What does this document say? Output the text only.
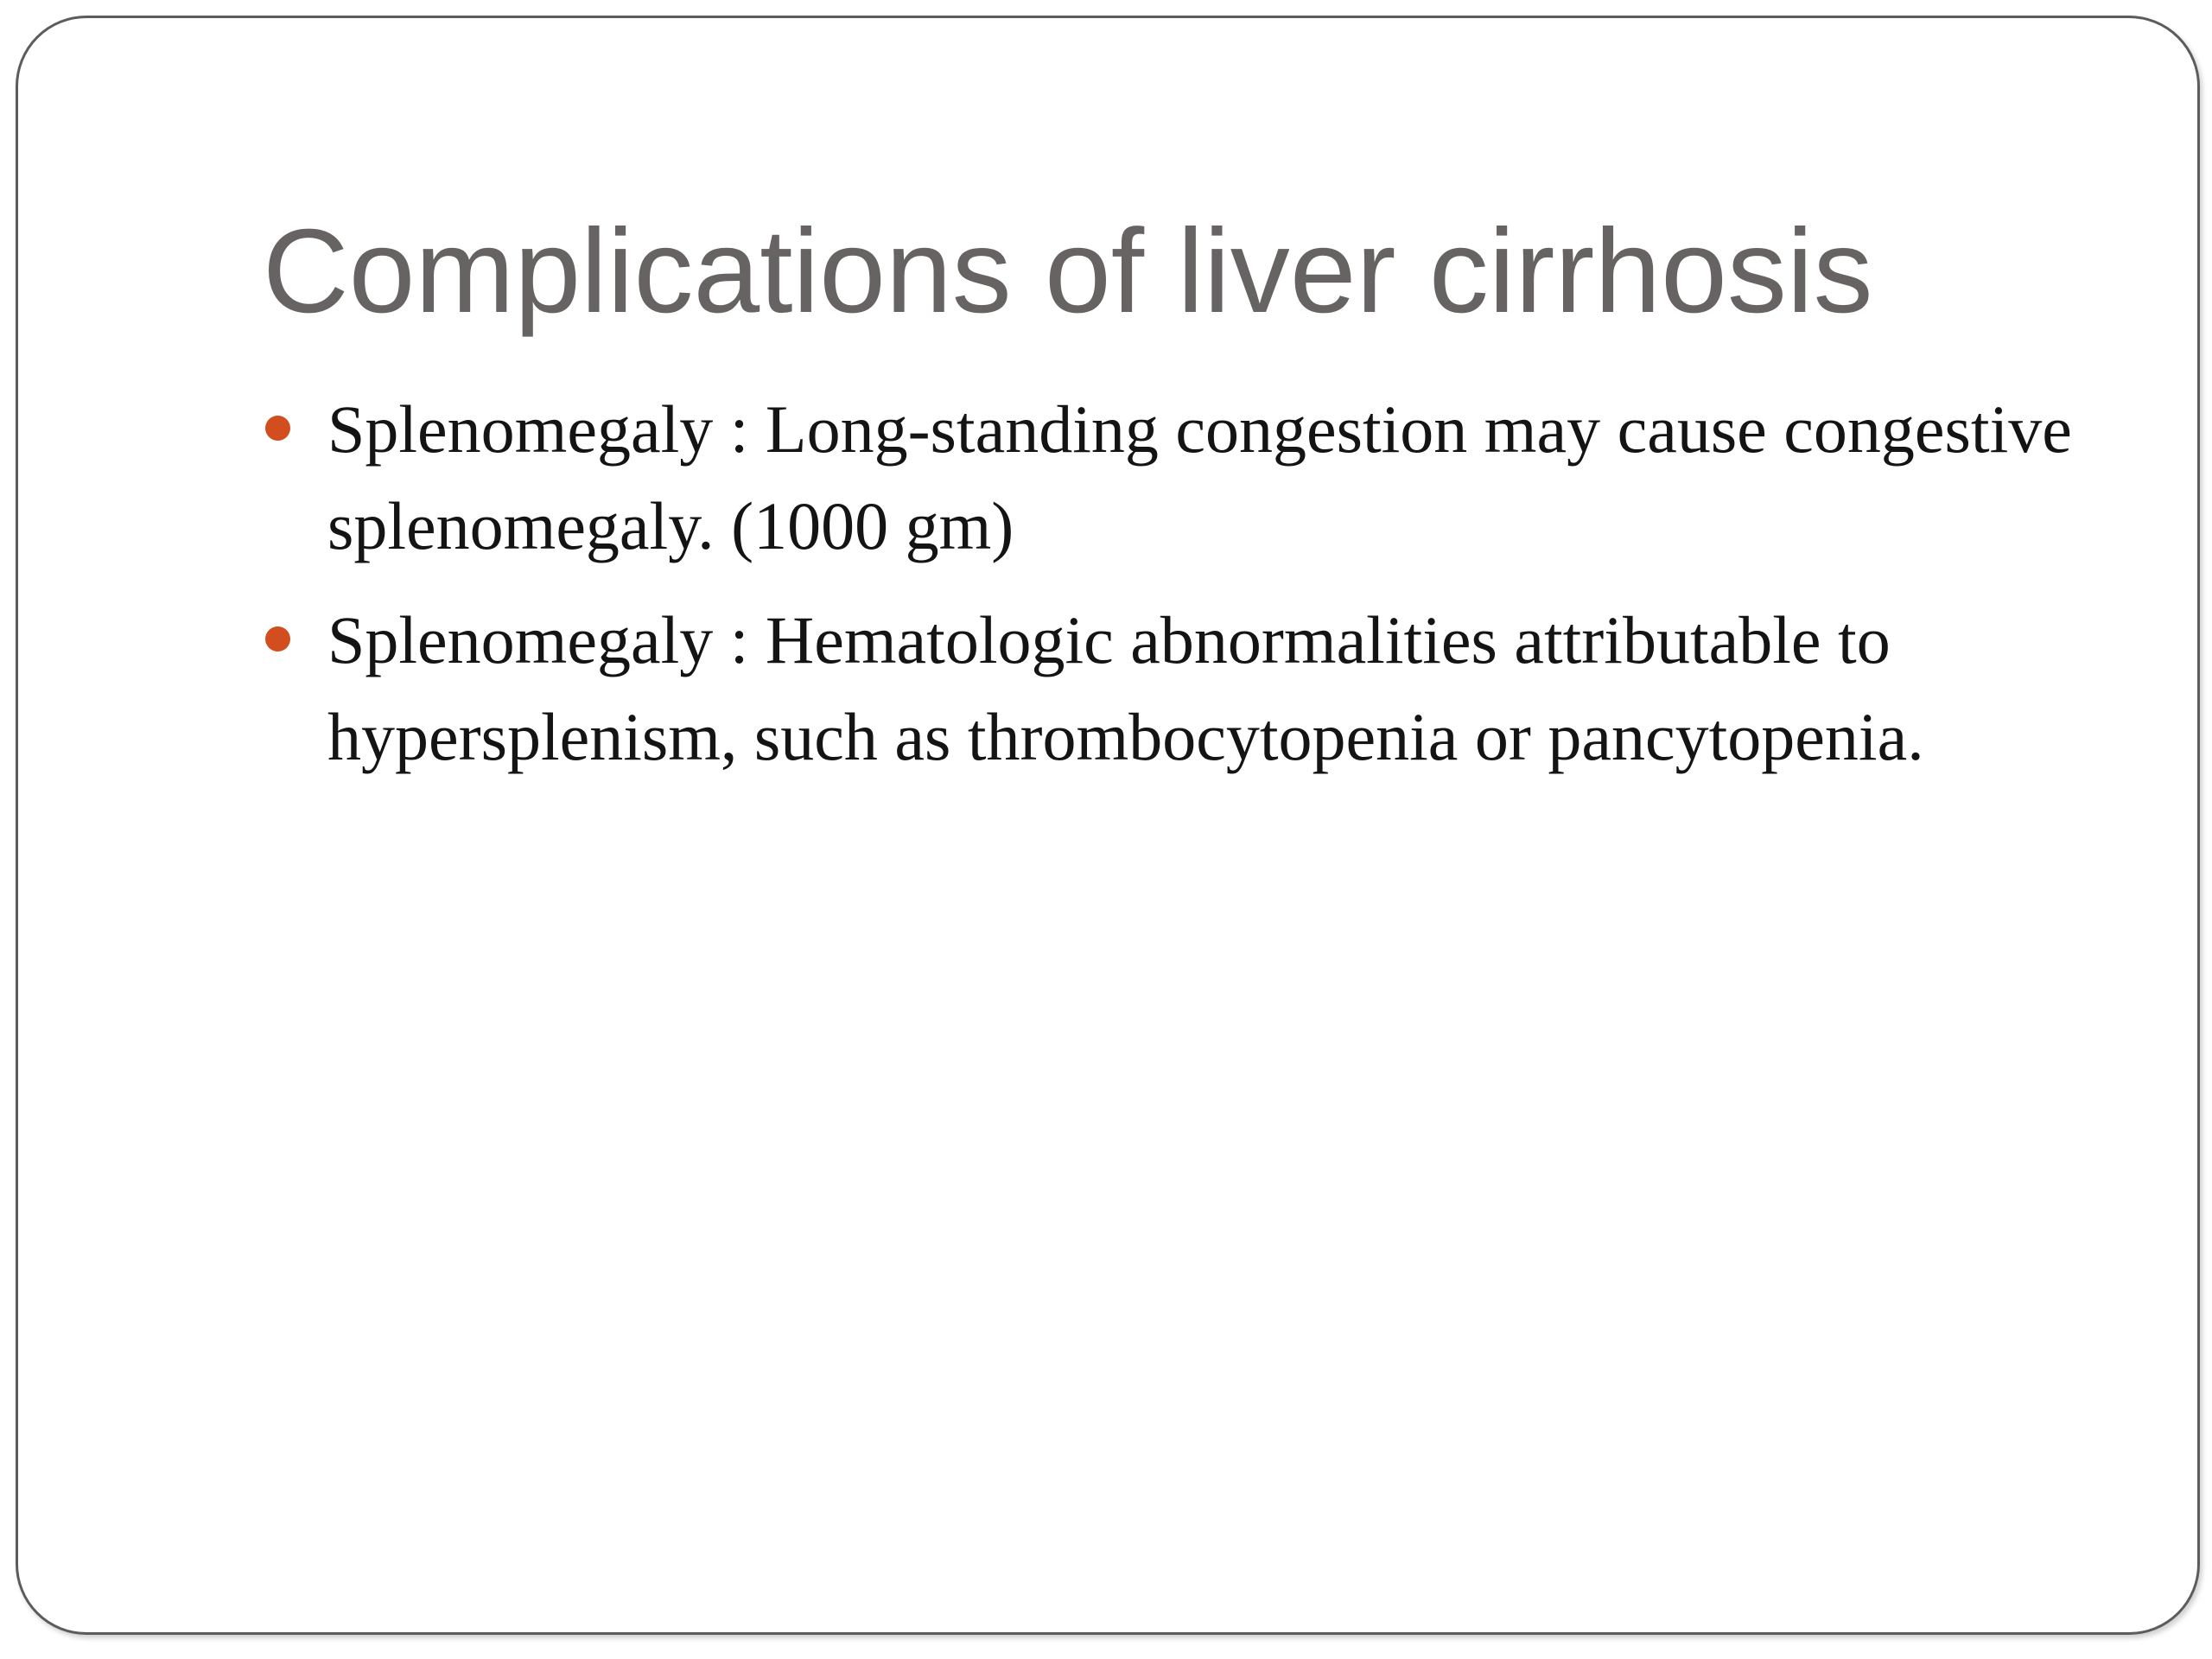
Complications of liver cirrhosis
Splenomegaly : Long-standing congestion may cause congestive splenomegaly. (1000 gm)
Splenomegaly : Hematologic abnormalities attributable to hypersplenism, such as thrombocytopenia or pancytopenia.
